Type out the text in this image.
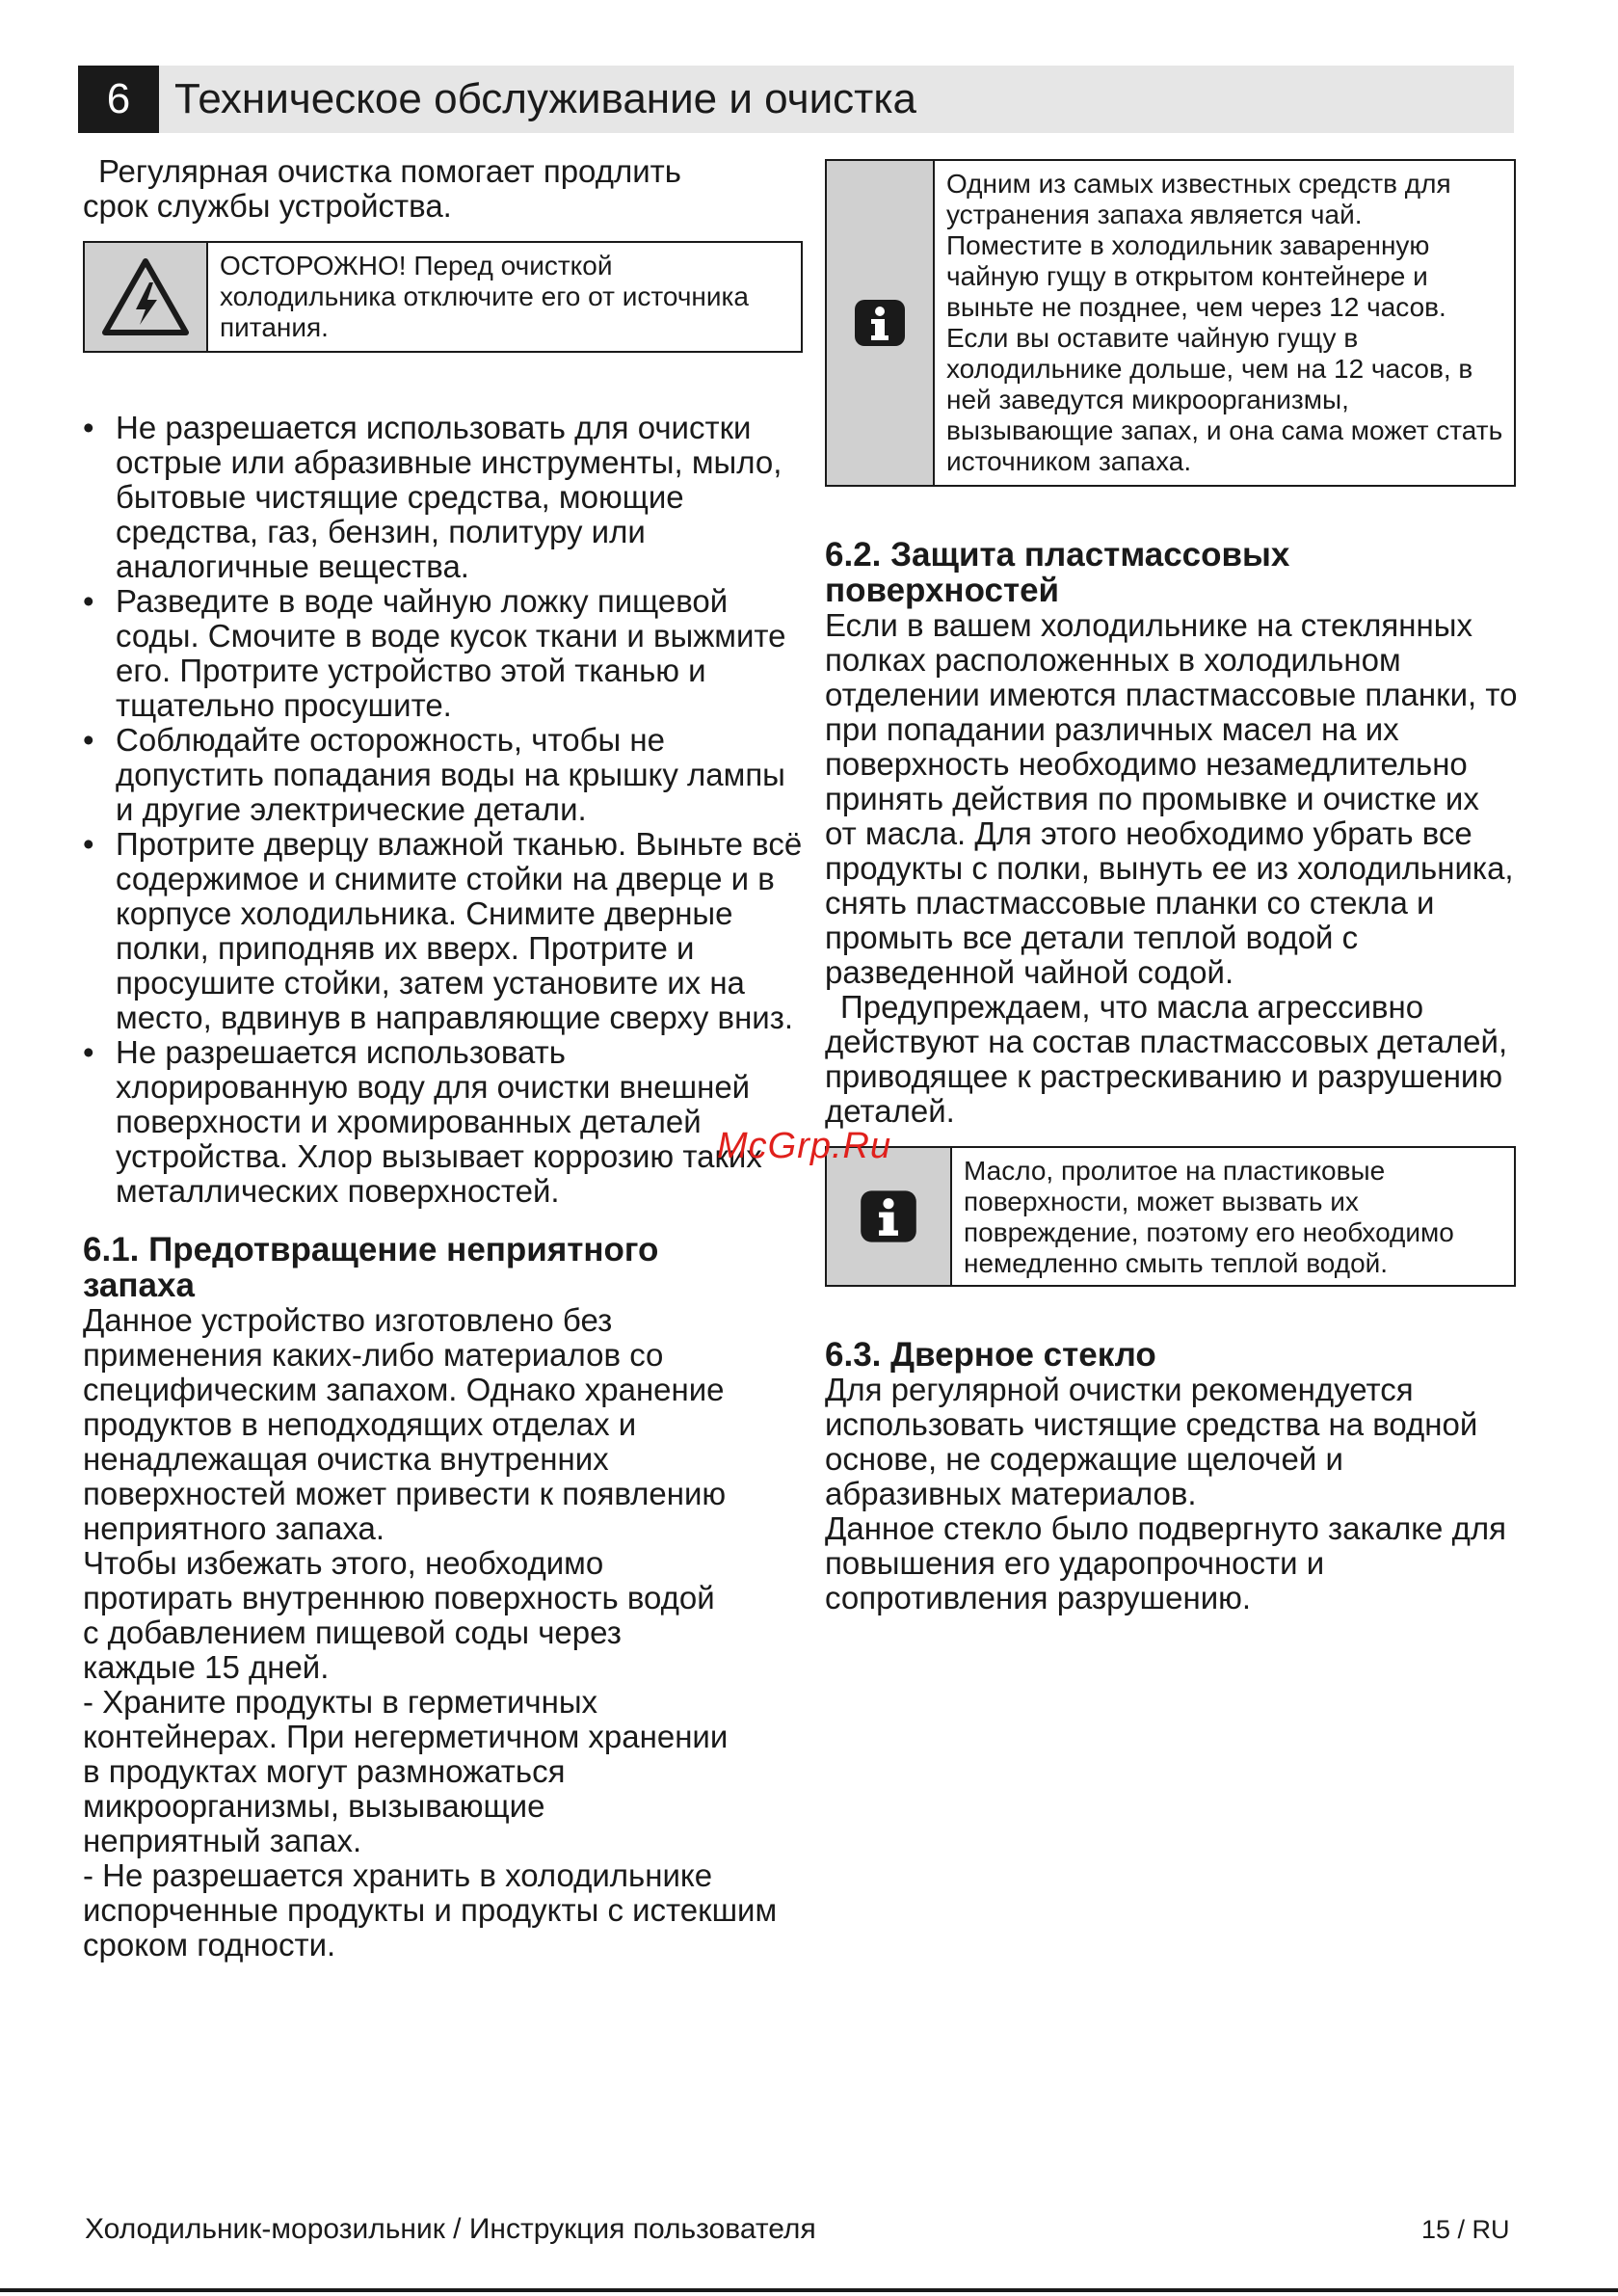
6	Техническое обслуживание и очистка

Регулярная очистка помогает продлить срок службы устройства.

ОСТОРОЖНО! Перед очисткой холодильника отключите его от источника питания.
• Не разрешается использовать для очистки острые или абразивные инструменты, мыло, бытовые чистящие средства, моющие средства, газ, бензин, политуру или аналогичные вещества.
• Разведите в воде чайную ложку пищевой соды. Смочите в воде кусок ткани и выжмите его. Протрите устройство этой тканью и тщательно просушите.
• Соблюдайте осторожность, чтобы не допустить попадания воды на крышку лампы и другие электрические детали.
• Протрите дверцу влажной тканью. Выньте всё содержимое и снимите стойки на дверце и в корпусе холодильника. Снимите дверные полки, приподняв их вверх. Протрите и просушите стойки, затем установите их на место, вдвинув в направляющие сверху вниз.
• Не разрешается использовать хлорированную воду для очистки внешней поверхности и хромированных деталей устройства. Хлор вызывает коррозию таких металлических поверхностей.
6.1. Предотвращение неприятного запаха

Данное устройство изготовлено без применения каких-либо материалов со специфическим запахом. Однако хранение продуктов в неподходящих отделах и ненадлежащая очистка внутренних поверхностей может привести к появлению неприятного запаха.

Чтобы избежать этого, необходимо протирать внутреннюю поверхность водой с добавлением пищевой соды через каждые 15 дней.

- Храните продукты в герметичных контейнерах. При негерметичном хранении в продуктах могут размножаться микроорганизмы, вызывающие неприятный запах.

- Не разрешается хранить в холодильнике испорченные продукты и продукты с истекшим сроком годности.

Одним из самых известных средств для устранения запаха является чай. Поместите в холодильник заваренную чайную гущу в открытом контейнере и выньте не позднее, чем через 12 часов. Если вы оставите чайную гущу в холодильнике дольше, чем на 12 часов, в ней заведутся микроорганизмы, вызывающие запах, и она сама может стать источником запаха.
6.2. Защита пластмассовых поверхностей

Если в вашем холодильнике на стеклянных полках расположенных в холодильном отделении имеются пластмассовые планки, то при попадании различных масел на их поверхность необходимо незамедлительно принять действия по промывке и очистке их от масла. Для этого необходимо убрать все продукты с полки, вынуть ее из холодильника, снять пластмассовые планки со стекла и промыть все детали теплой водой с разведенной чайной содой.

Предупреждаем, что масла агрессивно действуют на состав пластмассовых деталей, приводящее к растрескиванию и разрушению деталей.

Масло, пролитое на пластиковые поверхности, может вызвать их повреждение, поэтому его необходимо немедленно смыть теплой водой.
6.3. Дверное стекло

Для регулярной очистки рекомендуется использовать чистящие средства на водной основе, не содержащие щелочей и абразивных материалов.

Данное стекло было подвергнуто закалке для повышения его ударопрочности и сопротивления разрушению.

McGrp.Ru
Холодильник-морозильник / Инструкция пользователя	15 / RU
